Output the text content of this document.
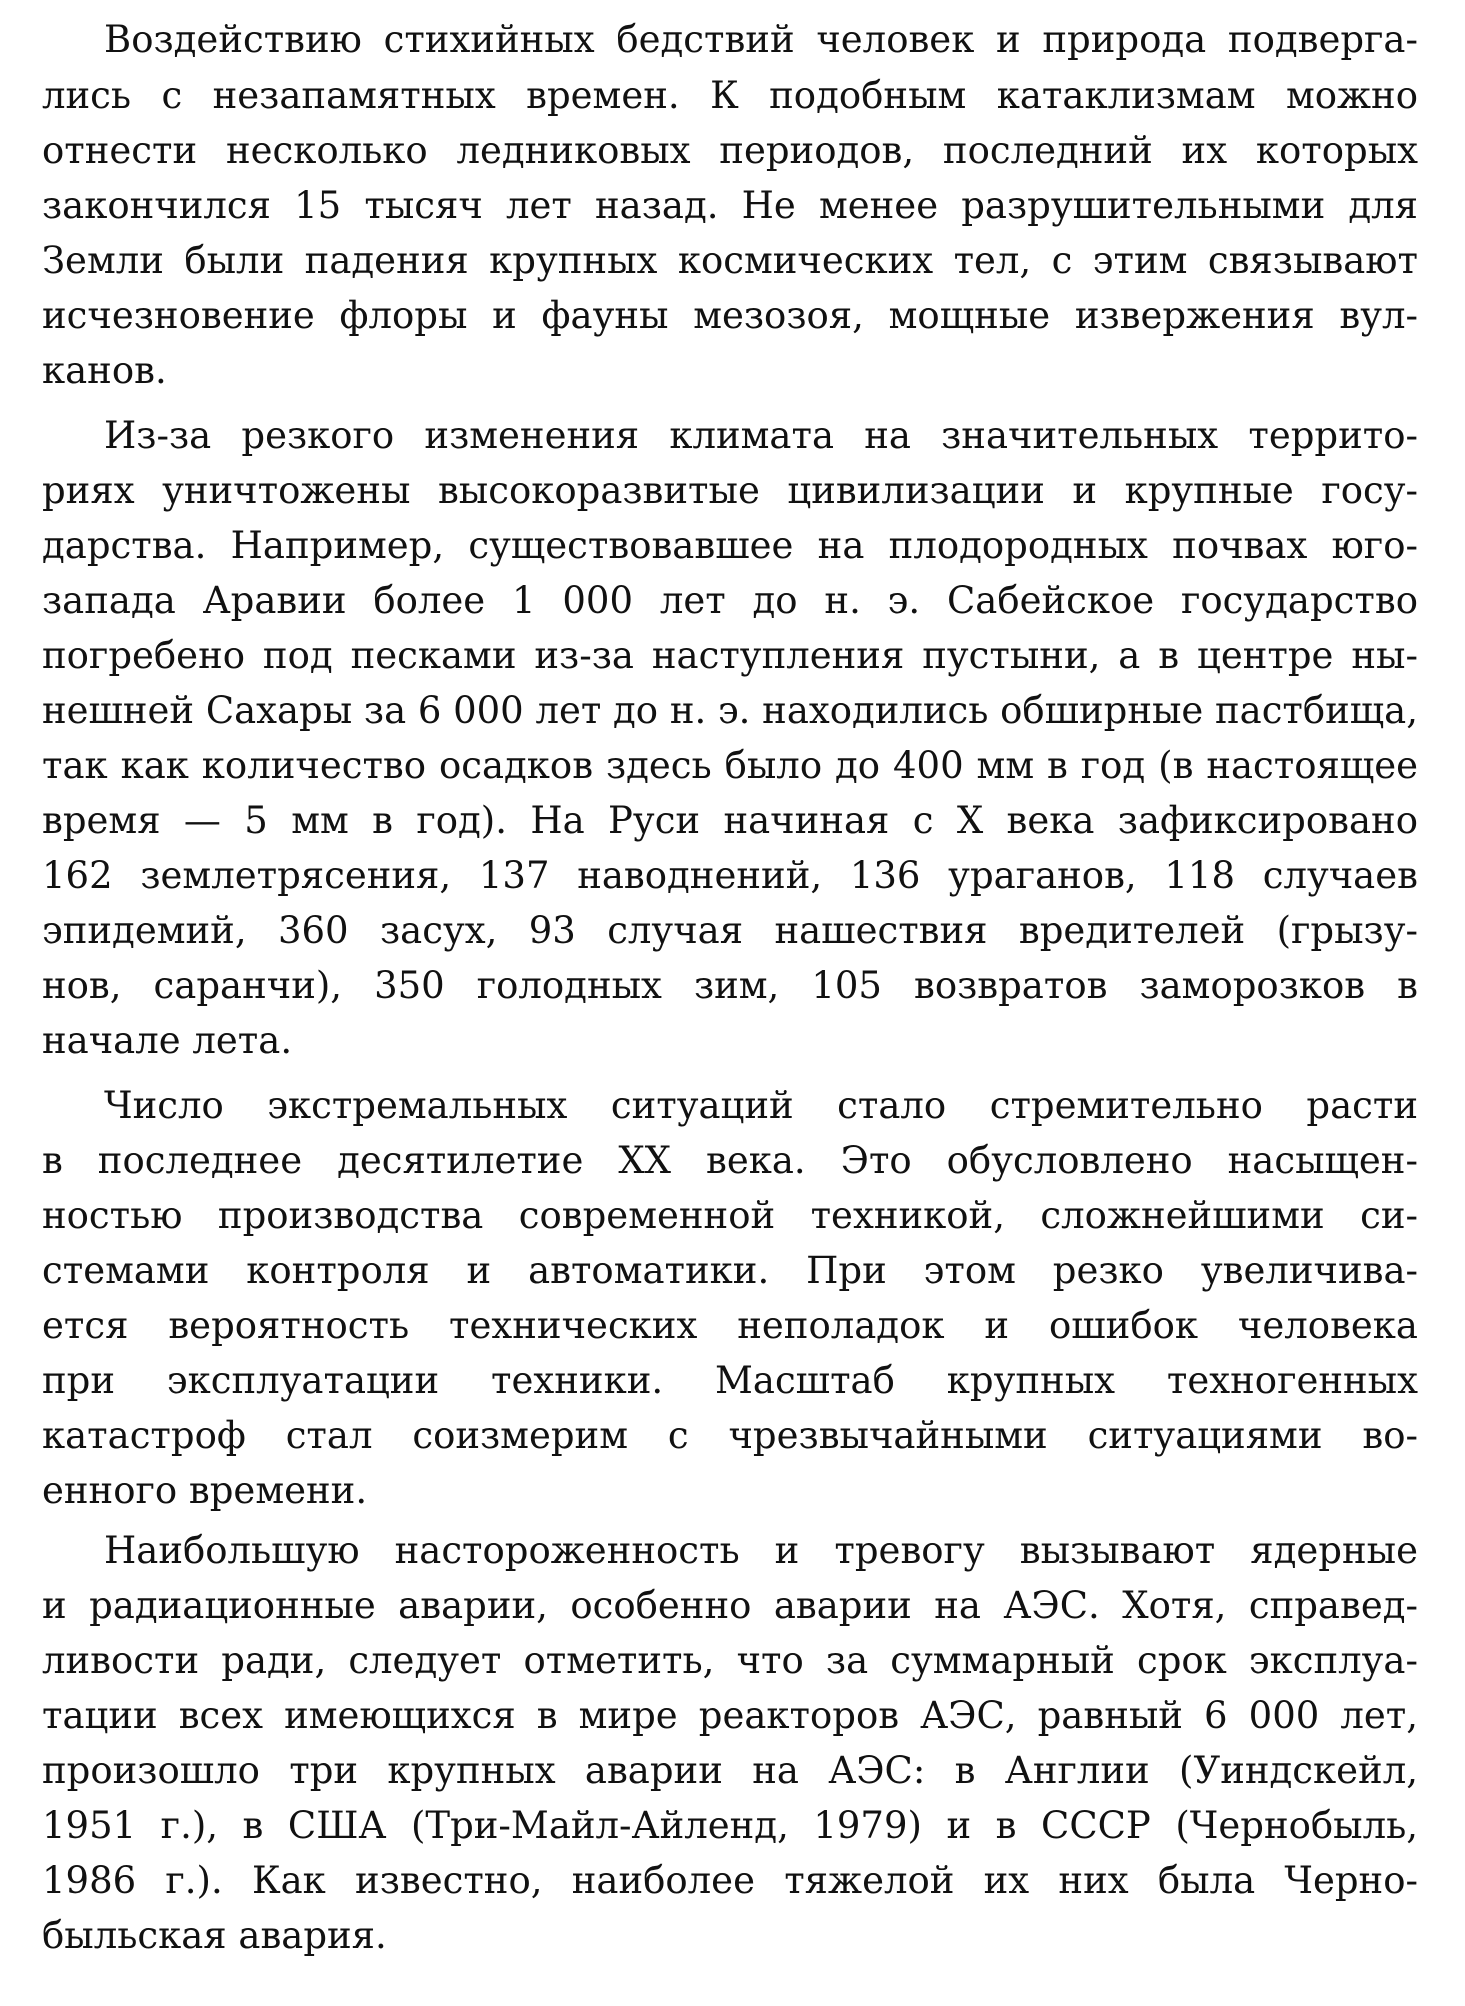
Воздействию стихийных бедствий человек и природа подверга-
лись с незапамятных времен. К подобным катаклизмам можно
отнести несколько ледниковых периодов, последний их которых
закончился 15 тысяч лет назад. Не менее разрушительными для
Земли были падения крупных космических тел, с этим связывают
исчезновение флоры и фауны мезозоя, мощные извержения вул-
канов.
Из-за резкого изменения климата на значительных террито-
риях уничтожены высокоразвитые цивилизации и крупные госу-
дарства. Например, существовавшее на плодородных почвах юго-
запада Аравии более 1 000 лет до н. э. Сабейское государство
погребено под песками из-за наступления пустыни, а в центре ны-
нешней Сахары за 6 000 лет до н. э. находились обширные пастбища,
так как количество осадков здесь было до 400 мм в год (в настоящее
время — 5 мм в год). На Руси начиная с X века зафиксировано
162 землетрясения, 137 наводнений, 136 ураганов, 118 случаев
эпидемий, 360 засух, 93 случая нашествия вредителей (грызу-
нов, саранчи), 350 голодных зим, 105 возвратов заморозков в
начале лета.
Число экстремальных ситуаций стало стремительно расти
в последнее десятилетие XX века. Это обусловлено насыщен-
ностью производства современной техникой, сложнейшими си-
стемами контроля и автоматики. При этом резко увеличива-
ется вероятность технических неполадок и ошибок человека
при эксплуатации техники. Масштаб крупных техногенных
катастроф стал соизмерим с чрезвычайными ситуациями во-
енного времени.
Наибольшую настороженность и тревогу вызывают ядерные
и радиационные аварии, особенно аварии на АЭС. Хотя, справед-
ливости ради, следует отметить, что за суммарный срок эксплуа-
тации всех имеющихся в мире реакторов АЭС, равный 6 000 лет,
произошло три крупных аварии на АЭС: в Англии (Уиндскейл,
1951 г.), в США (Три-Майл-Айленд, 1979) и в СССР (Чернобыль,
1986 г.). Как известно, наиболее тяжелой их них была Черно-
быльская авария.
